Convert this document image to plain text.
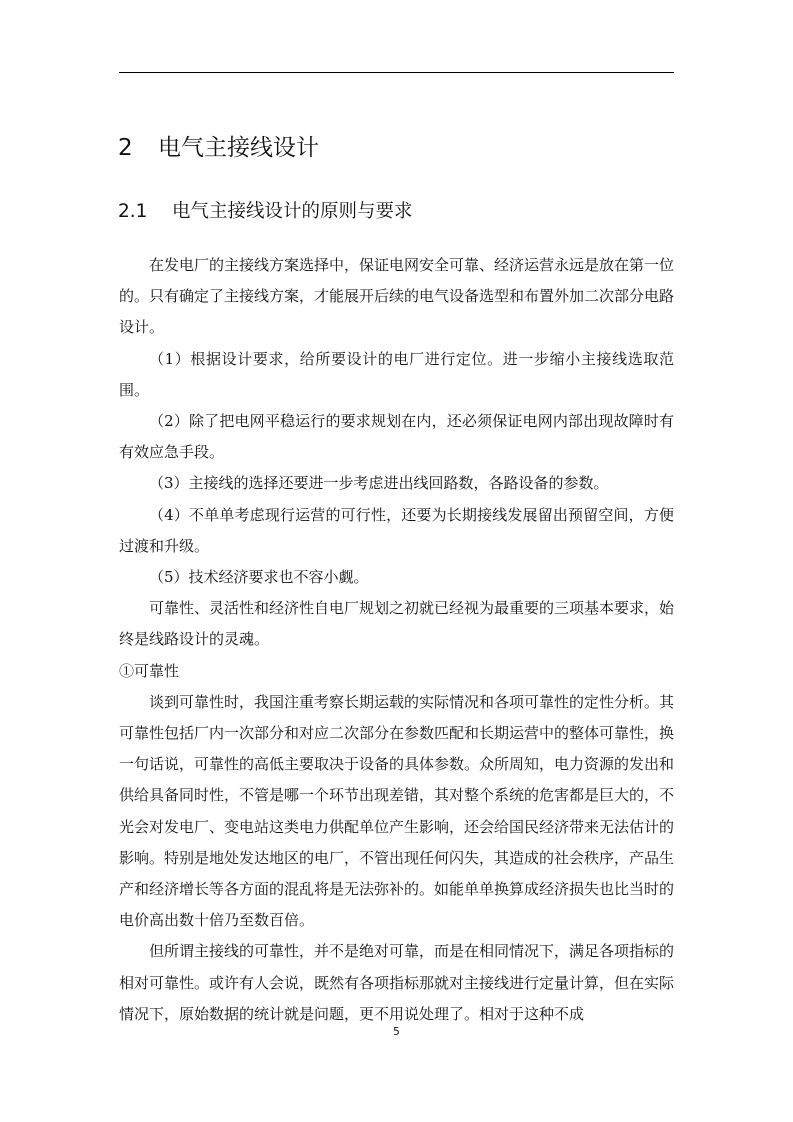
2 电气主接线设计
2.1 电气主接线设计的原则与要求

在发电厂的主接线方案选择中，保证电网安全可靠、经济运营永远是放在第一位的。只有确定了主接线方案，才能展开后续的电气设备选型和布置外加二次部分电路设计。

（1）根据设计要求，给所要设计的电厂进行定位。进一步缩小主接线选取范围。

（2）除了把电网平稳运行的要求规划在内，还必须保证电网内部出现故障时有有效应急手段。

（3）主接线的选择还要进一步考虑进出线回路数，各路设备的参数。

（4）不单单考虑现行运营的可行性，还要为长期接线发展留出预留空间，方便过渡和升级。

（5）技术经济要求也不容小觑。

可靠性、灵活性和经济性自电厂规划之初就已经视为最重要的三项基本要求，始终是线路设计的灵魂。

①可靠性

谈到可靠性时，我国注重考察长期运载的实际情况和各项可靠性的定性分析。其可靠性包括厂内一次部分和对应二次部分在参数匹配和长期运营中的整体可靠性，换一句话说，可靠性的高低主要取决于设备的具体参数。众所周知，电力资源的发出和供给具备同时性，不管是哪一个环节出现差错，其对整个系统的危害都是巨大的，不光会对发电厂、变电站这类电力供配单位产生影响，还会给国民经济带来无法估计的影响。特别是地处发达地区的电厂，不管出现任何闪失，其造成的社会秩序，产品生产和经济增长等各方面的混乱将是无法弥补的。如能单单换算成经济损失也比当时的电价高出数十倍乃至数百倍。

但所谓主接线的可靠性，并不是绝对可靠，而是在相同情况下，满足各项指标的相对可靠性。或许有人会说，既然有各项指标那就对主接线进行定量计算，但在实际情况下，原始数据的统计就是问题，更不用说处理了。相对于这种不成

5
